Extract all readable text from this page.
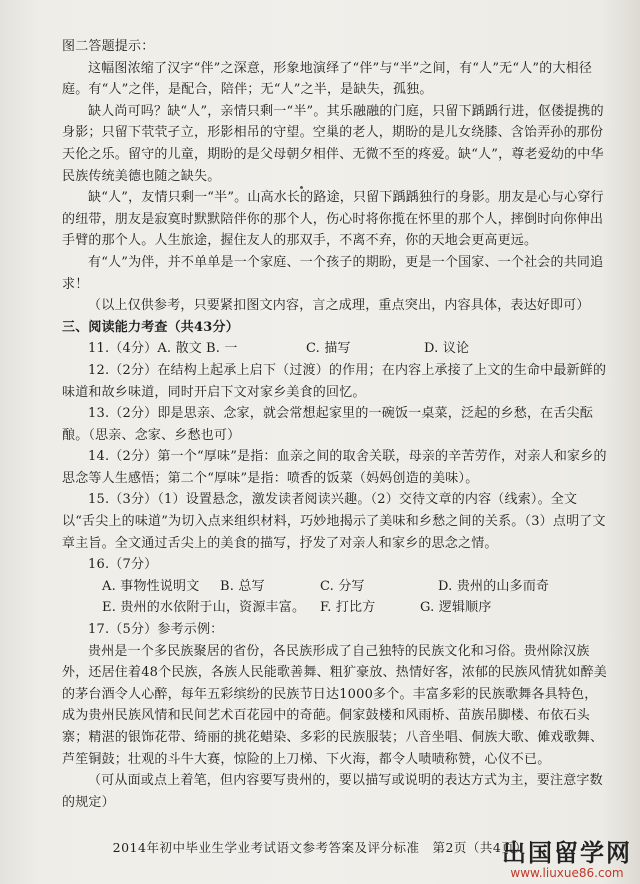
图二答题提示：

这幅图浓缩了汉字“伴”之深意，形象地演绎了“伴”与“半”之间，有“人”无“人”的大相径庭。有“人”之伴，是配合，陪伴；无“人”之半，是缺失，孤独。

缺人尚可吗？缺“人”，亲情只剩一“半”。其乐融融的门庭，只留下踽踽行进，伛偻提携的身影；只留下茕茕孑立，形影相吊的守望。空巢的老人，期盼的是儿女绕膝、含饴弄孙的那份天伦之乐。留守的儿童，期盼的是父母朝夕相伴、无微不至的疼爱。缺“人”，尊老爱幼的中华民族传统美德也随之缺失。

缺“人”，友情只剩一“半”。山高水长的路途，只留下踽踽独行的身影。朋友是心与心穿行的纽带，朋友是寂寞时默默陪伴你的那个人，伤心时将你揽在怀里的那个人，摔倒时向你伸出手臂的那个人。人生旅途，握住友人的那双手，不离不弃，你的天地会更高更远。

有“人”为伴，并不单单是一个家庭、一个孩子的期盼，更是一个国家、一个社会的共同追求！

（以上仅供参考，只要紧扣图文内容，言之成理，重点突出，内容具体，表达好即可）

三、阅读能力考查（共43分）

11.（4分）A. 散文 B. 一	C. 描写	D. 议论

12.（2分）在结构上起承上启下（过渡）的作用；在内容上承接了上文的生命中最新鲜的味道和故乡味道，同时开启下文对家乡美食的回忆。

13.（2分）即是思亲、念家，就会常想起家里的一碗饭一桌菜，泛起的乡愁，在舌尖酝酿。（思亲、念家、乡愁也可）

14.（2分）第一个“厚味”是指：血亲之间的取舍关联，母亲的辛苦劳作，对亲人和家乡的思念等人生感悟；第二个“厚味”是指：喷香的饭菜（妈妈创造的美味）。

15.（3分）（1）设置悬念，激发读者阅读兴趣。（2）交待文章的内容（线索）。全文以“舌尖上的味道”为切入点来组织材料，巧妙地揭示了美味和乡愁之间的关系。（3）点明了文章主旨。全文通过舌尖上的美食的描写，抒发了对亲人和家乡的思念之情。

16.（7分）

A. 事物性说明文	B. 总写	C. 分写	D. 贵州的山多而奇
E. 贵州的水依附于山，资源丰富。	F. 打比方	G. 逻辑顺序

17.（5分）参考示例：

贵州是一个多民族聚居的省份，各民族形成了自己独特的民族文化和习俗。贵州除汉族外，还居住着48个民族，各族人民能歌善舞、粗犷豪放、热情好客，浓郁的民族风情犹如醉美的茅台酒令人心醉，每年五彩缤纷的民族节日达1000多个。丰富多彩的民族歌舞各具特色，成为贵州民族风情和民间艺术百花园中的奇葩。侗家鼓楼和风雨桥、苗族吊脚楼、布依石头寨；精湛的银饰花带、绮丽的挑花蜡染、多彩的民族服装；八音坐唱、侗族大歌、傩戏歌舞、芦笙铜鼓；壮观的斗牛大赛，惊险的上刀梯、下火海，都令人啧啧称赞，心仪不已。

（可从面或点上着笔，但内容要写贵州的，要以描写或说明的表达方式为主，要注意字数的规定）

2014年初中毕业生学业考试语文参考答案及评分标准　第2页（共4页）
出国留学网
www.liuxue86.com
